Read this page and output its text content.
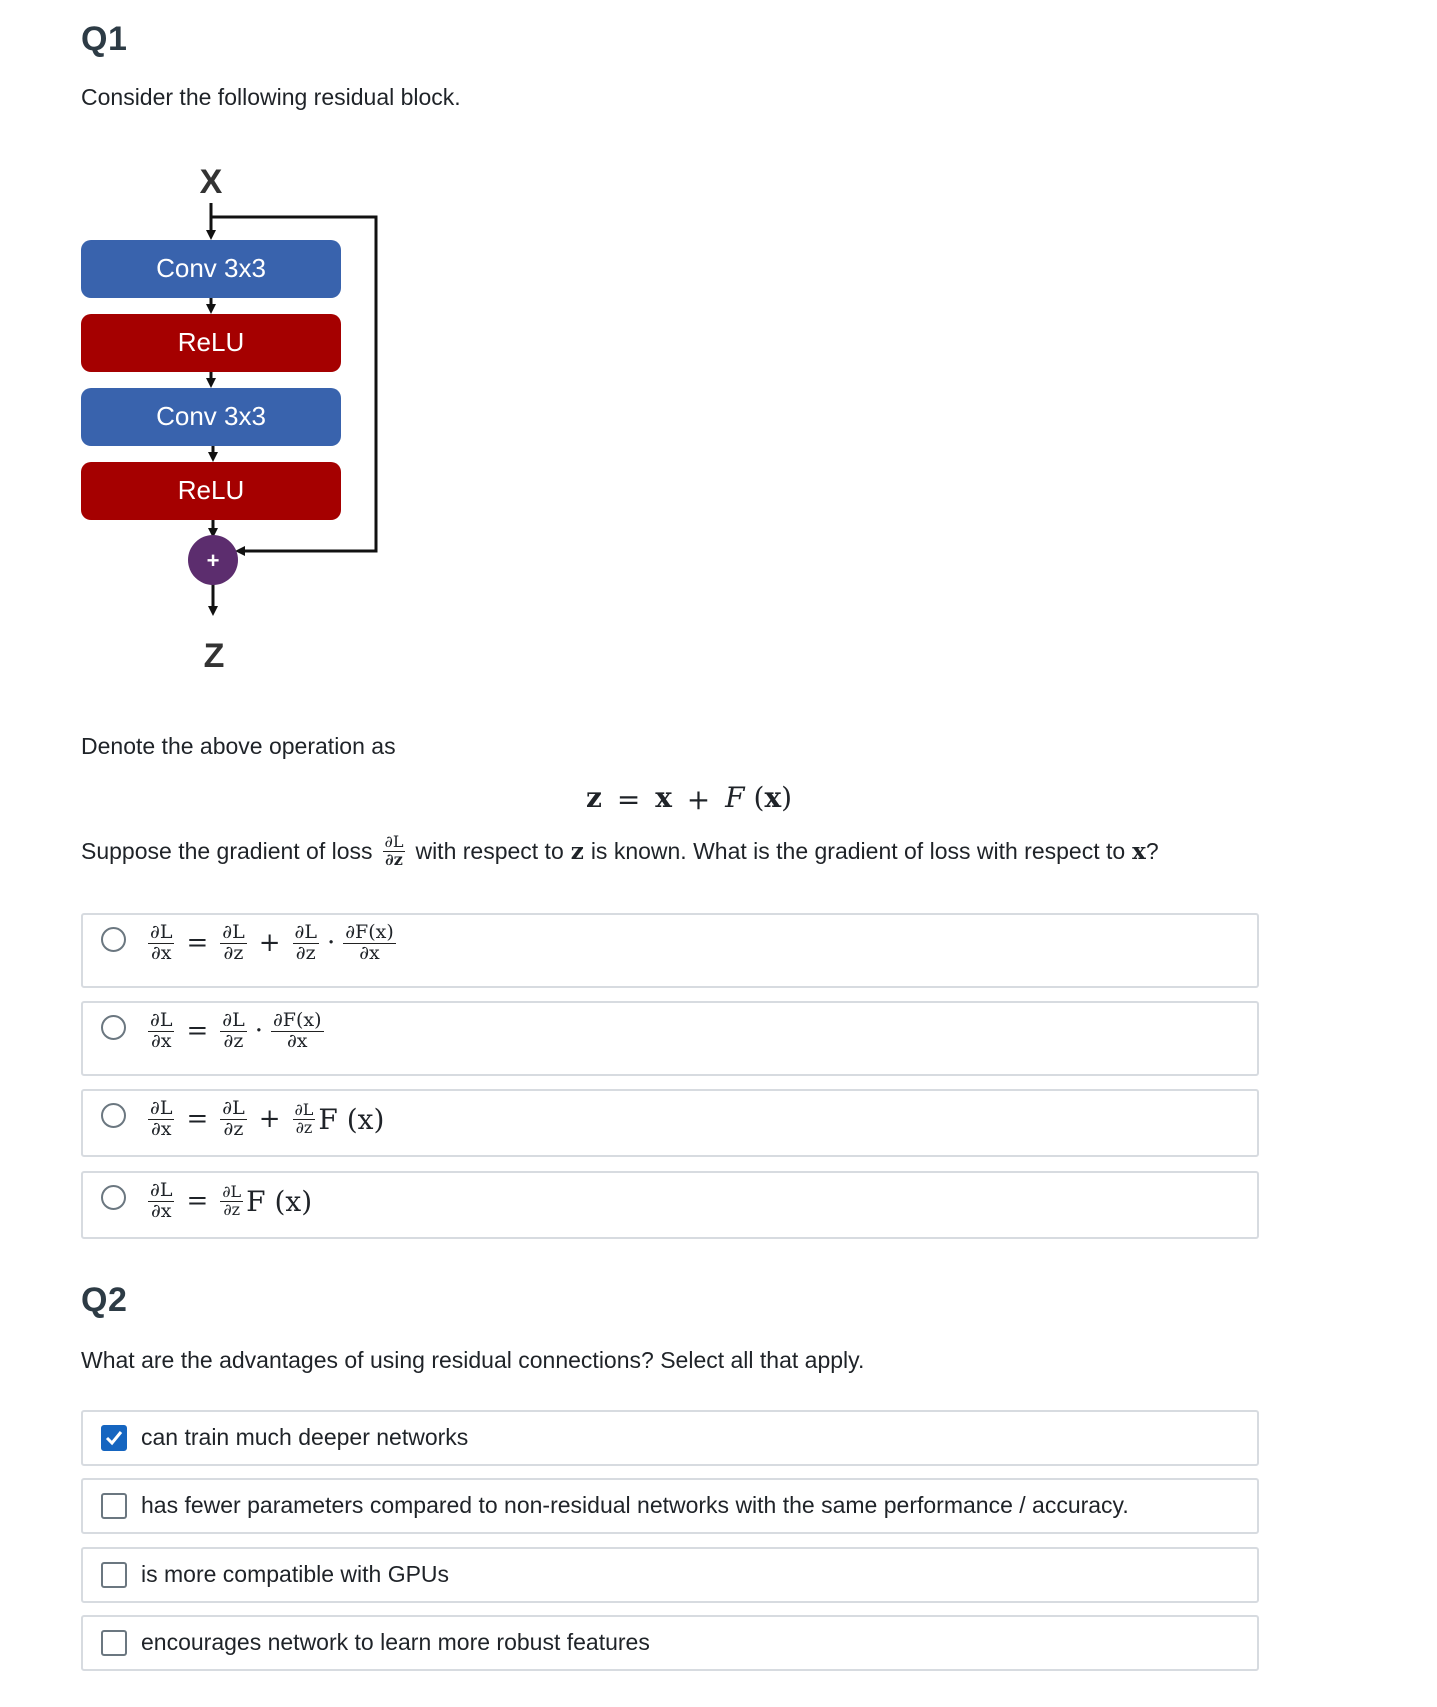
Q1
Consider the following residual block.
X
Conv 3x3
ReLU
Conv 3x3
ReLU
+
Z
Denote the above operation as
z = x + F (x)
Suppose the gradient of loss $\frac{\partial L}{\partial z}$ with respect to z is known. What is the gradient of loss with respect to x ?
$\frac{\partial L}{\partial x} = \frac{\partial L}{\partial z} + \frac{\partial L}{\partial z} \cdot \frac{\partial F(x)}{\partial x}$
$\frac{\partial L}{\partial x} = \frac{\partial L}{\partial z} \cdot \frac{\partial F(x)}{\partial x}$
$\frac{\partial L}{\partial x} = \frac{\partial L}{\partial z} + \frac{\partial L}{\partial z}$ F (x)
$\frac{\partial L}{\partial x} = \frac{\partial L}{\partial z}$ F (x)
Q2
What are the advantages of using residual connections? Select all that apply.
can train much deeper networks
has fewer parameters compared to non-residual networks with the same performance / accuracy.
is more compatible with GPUs
encourages network to learn more robust features
